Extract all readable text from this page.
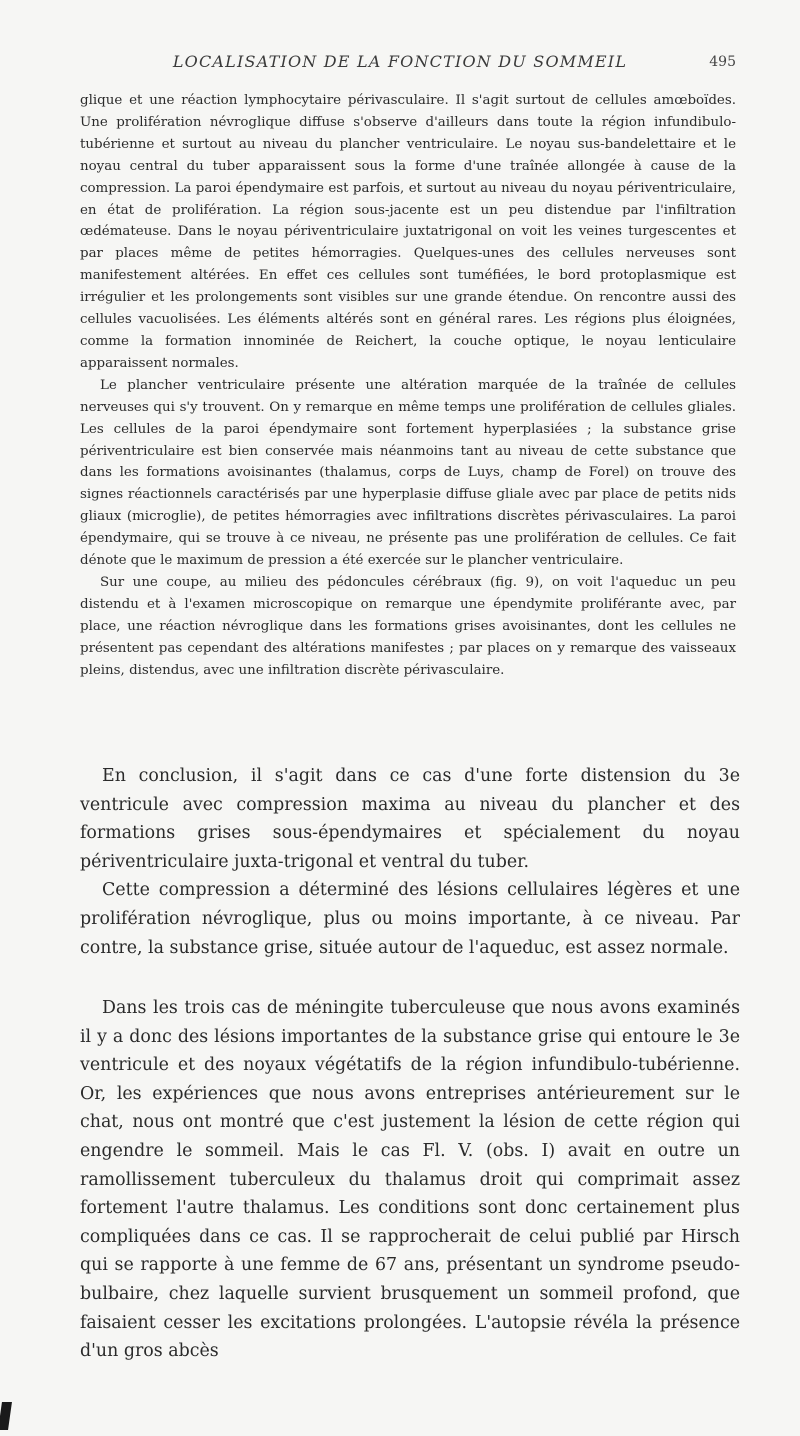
LOCALISATION DE LA FONCTION DU SOMMEIL	495

glique et une réaction lymphocytaire périvasculaire. Il s'agit surtout de cellules amœboïdes. Une prolifération névroglique diffuse s'observe d'ailleurs dans toute la région infundibulo-tubérienne et surtout au niveau du plancher ventriculaire. Le noyau sus-bandelettaire et le noyau central du tuber apparaissent sous la forme d'une traînée allongée à cause de la compression. La paroi épendymaire est parfois, et surtout au niveau du noyau périventriculaire, en état de prolifération. La région sous-jacente est un peu distendue par l'infiltration œdémateuse. Dans le noyau périventriculaire juxtatrigonal on voit les veines turgescentes et par places même de petites hémorragies. Quelques-unes des cellules nerveuses sont manifestement altérées. En effet ces cellules sont tuméfiées, le bord protoplasmique est irrégulier et les prolongements sont visibles sur une grande étendue. On rencontre aussi des cellules vacuolisées. Les éléments altérés sont en général rares. Les régions plus éloignées, comme la formation innominée de Reichert, la couche optique, le noyau lenticulaire apparaissent normales.

Le plancher ventriculaire présente une altération marquée de la traînée de cellules nerveuses qui s'y trouvent. On y remarque en même temps une prolifération de cellules gliales. Les cellules de la paroi épendymaire sont fortement hyperplasiées ; la substance grise périventriculaire est bien conservée mais néanmoins tant au niveau de cette substance que dans les formations avoisinantes (thalamus, corps de Luys, champ de Forel) on trouve des signes réactionnels caractérisés par une hyperplasie diffuse gliale avec par place de petits nids gliaux (microglie), de petites hémorragies avec infiltrations discrètes périvasculaires. La paroi épendymaire, qui se trouve à ce niveau, ne présente pas une prolifération de cellules. Ce fait dénote que le maximum de pression a été exercée sur le plancher ventriculaire.

Sur une coupe, au milieu des pédoncules cérébraux (fig. 9), on voit l'aqueduc un peu distendu et à l'examen microscopique on remarque une épendymite proliférante avec, par place, une réaction névroglique dans les formations grises avoisinantes, dont les cellules ne présentent pas cependant des altérations manifestes ; par places on y remarque des vaisseaux pleins, distendus, avec une infiltration discrète périvasculaire.

En conclusion, il s'agit dans ce cas d'une forte distension du 3e ventricule avec compression maxima au niveau du plancher et des formations grises sous-épendymaires et spécialement du noyau périventriculaire juxta-trigonal et ventral du tuber.

Cette compression a déterminé des lésions cellulaires légères et une prolifération névroglique, plus ou moins importante, à ce niveau. Par contre, la substance grise, située autour de l'aqueduc, est assez normale.

Dans les trois cas de méningite tuberculeuse que nous avons examinés il y a donc des lésions importantes de la substance grise qui entoure le 3e ventricule et des noyaux végétatifs de la région infundibulo-tubérienne. Or, les expériences que nous avons entreprises antérieurement sur le chat, nous ont montré que c'est justement la lésion de cette région qui engendre le sommeil. Mais le cas Fl. V. (obs. I) avait en outre un ramollissement tuberculeux du thalamus droit qui comprimait assez fortement l'autre thalamus. Les conditions sont donc certainement plus compliquées dans ce cas. Il se rapprocherait de celui publié par Hirsch qui se rapporte à une femme de 67 ans, présentant un syndrome pseudo-bulbaire, chez laquelle survient brusquement un sommeil profond, que faisaient cesser les excitations prolongées. L'autopsie révéla la présence d'un gros abcès
